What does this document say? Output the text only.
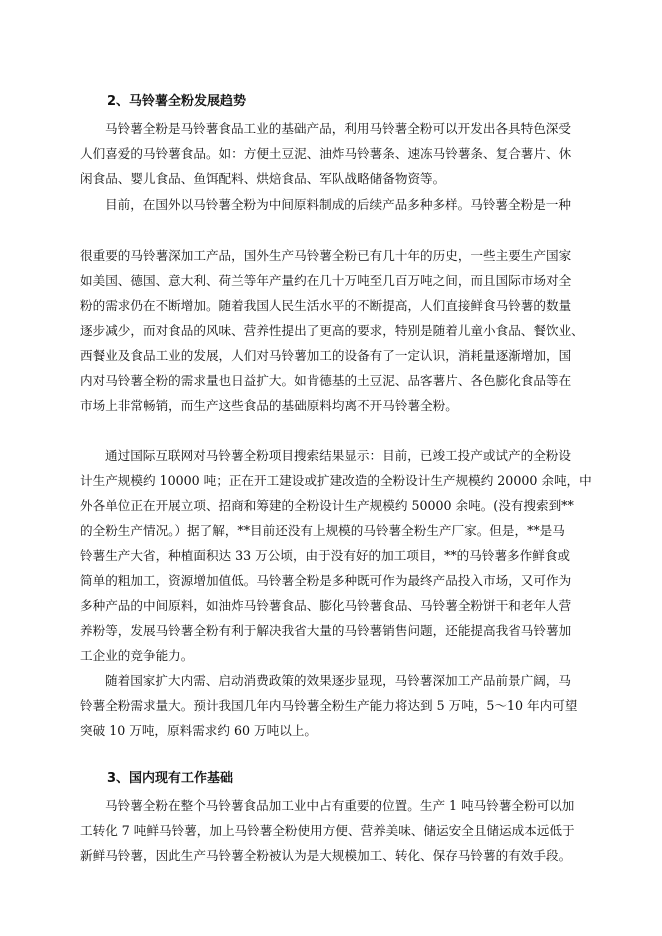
2、马铃薯全粉发展趋势
马铃薯全粉是马铃薯食品工业的基础产品，利用马铃薯全粉可以开发出各具特色深受
人们喜爱的马铃薯食品。如：方便土豆泥、油炸马铃薯条、速冻马铃薯条、复合薯片、休
闲食品、婴儿食品、鱼饵配料、烘焙食品、军队战略储备物资等。
目前，在国外以马铃薯全粉为中间原料制成的后续产品多种多样。马铃薯全粉是一种
很重要的马铃薯深加工产品，国外生产马铃薯全粉已有几十年的历史，一些主要生产国家
如美国、德国、意大利、荷兰等年产量约在几十万吨至几百万吨之间，而且国际市场对全
粉的需求仍在不断增加。随着我国人民生活水平的不断提高，人们直接鲜食马铃薯的数量
逐步减少，而对食品的风味、营养性提出了更高的要求，特别是随着儿童小食品、餐饮业、
西餐业及食品工业的发展，人们对马铃薯加工的设备有了一定认识，消耗量逐渐增加，国
内对马铃薯全粉的需求量也日益扩大。如肯德基的土豆泥、品客薯片、各色膨化食品等在
市场上非常畅销，而生产这些食品的基础原料均离不开马铃薯全粉。
通过国际互联网对马铃薯全粉项目搜索结果显示：目前，已竣工投产或试产的全粉设
计生产规模约 10000 吨；正在开工建设或扩建改造的全粉设计生产规模约 20000 余吨，中
外各单位正在开展立项、招商和筹建的全粉设计生产规模约 50000 余吨。(没有搜索到**
的全粉生产情况。）据了解，**目前还没有上规模的马铃薯全粉生产厂家。但是，**是马
铃薯生产大省，种植面积达 33 万公顷，由于没有好的加工项目，**的马铃薯多作鲜食或
简单的粗加工，资源增加值低。马铃薯全粉是多种既可作为最终产品投入市场，又可作为
多种产品的中间原料，如油炸马铃薯食品、膨化马铃薯食品、马铃薯全粉饼干和老年人营
养粉等，发展马铃薯全粉有利于解决我省大量的马铃薯销售问题，还能提高我省马铃薯加
工企业的竞争能力。
随着国家扩大内需、启动消费政策的效果逐步显现，马铃薯深加工产品前景广阔，马
铃薯全粉需求量大。预计我国几年内马铃薯全粉生产能力将达到 5 万吨，5～10 年内可望
突破 10 万吨，原料需求约 60 万吨以上。
3、国内现有工作基础
马铃薯全粉在整个马铃薯食品加工业中占有重要的位置。生产 1 吨马铃薯全粉可以加
工转化 7 吨鲜马铃薯，加上马铃薯全粉使用方便、营养美味、储运安全且储运成本远低于
新鲜马铃薯，因此生产马铃薯全粉被认为是大规模加工、转化、保存马铃薯的有效手段。
